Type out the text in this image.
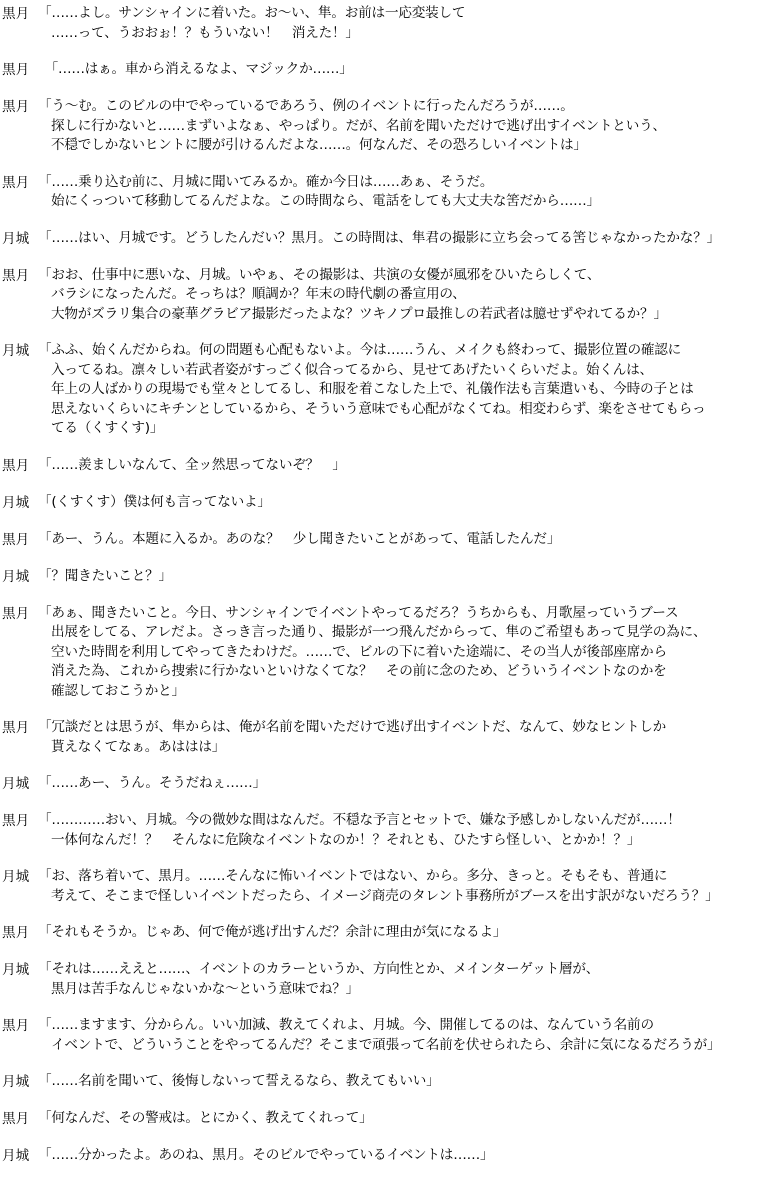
黒月 「……よし。サンシャインに着いた。お～い、隼。お前は一応変装して
……って、うおおぉ！？もういない！　消えた！」
黒月 　「……はぁ。車から消えるなよ、マジックか……」
黒月 「う～む。このビルの中でやっているであろう、例のイベントに行ったんだろうが……。
探しに行かないと……まずいよなぁ、やっぱり。だが、名前を聞いただけで逃げ出すイベントという、
不穏でしかないヒントに腰が引けるんだよな……。何なんだ、その恐ろしいイベントは」
黒月 「……乗り込む前に、月城に聞いてみるか。確か今日は……あぁ、そうだ。
始にくっついて移動してるんだよな。この時間なら、電話をしても大丈夫な筈だから……」
月城 「……はい、月城です。どうしたんだい？黒月。この時間は、隼君の撮影に立ち会ってる筈じゃなかったかな？」
黒月 「おお、仕事中に悪いな、月城。いやぁ、その撮影は、共演の女優が風邪をひいたらしくて、
バラシになったんだ。そっちは？順調か？年末の時代劇の番宣用の、
大物がズラリ集合の豪華グラビア撮影だったよな？ツキノプロ最推しの若武者は臆せずやれてるか？」
月城 「ふふ、始くんだからね。何の問題も心配もないよ。今は……うん、メイクも終わって、撮影位置の確認に
入ってるね。凛々しい若武者姿がすっごく似合ってるから、見せてあげたいくらいだよ。始くんは、
年上の人ばかりの現場でも堂々としてるし、和服を着こなした上で、礼儀作法も言葉遣いも、今時の子とは
思えないくらいにキチンとしているから、そういう意味でも心配がなくてね。相変わらず、楽をさせてもらっ
てる（くすくす)」
黒月 「……羨ましいなんて、全ッ然思ってないぞ？　」
月城 「(くすくす）僕は何も言ってないよ」
黒月 「あー、うん。本題に入るか。あのな？　少し聞きたいことがあって、電話したんだ」
月城 「？聞きたいこと？」
黒月 「あぁ、聞きたいこと。今日、サンシャインでイベントやってるだろ？うちからも、月歌屋っていうブース
出展をしてる、アレだよ。さっき言った通り、撮影が一つ飛んだからって、隼のご希望もあって見学の為に、
空いた時間を利用してやってきたわけだ。……で、ビルの下に着いた途端に、その当人が後部座席から
消えた為、これから捜索に行かないといけなくてな？　その前に念のため、どういうイベントなのかを
確認しておこうかと」
黒月 「冗談だとは思うが、隼からは、俺が名前を聞いただけで逃げ出すイベントだ、なんて、妙なヒントしか
貰えなくてなぁ。あははは」
月城 「……あー、うん。そうだねぇ……」
黒月 「…………おい、月城。今の微妙な間はなんだ。不穏な予言とセットで、嫌な予感しかしないんだが……！
一体何なんだ！？　そんなに危険なイベントなのか！？それとも、ひたすら怪しい、とかか！？」
月城 「お、落ち着いて、黒月。……そんなに怖いイベントではない、から。多分、きっと。そもそも、普通に
考えて、そこまで怪しいイベントだったら、イメージ商売のタレント事務所がブースを出す訳がないだろう？」
黒月 「それもそうか。じゃあ、何で俺が逃げ出すんだ？余計に理由が気になるよ」
月城 「それは……ええと……、イベントのカラーというか、方向性とか、メインターゲット層が、
黒月は苦手なんじゃないかな～という意味でね？」
黒月 「……ますます、分からん。いい加減、教えてくれよ、月城。今、開催してるのは、なんていう名前の
イベントで、どういうことをやってるんだ？そこまで頑張って名前を伏せられたら、余計に気になるだろうが」
月城 「……名前を聞いて、後悔しないって誓えるなら、教えてもいい」
黒月 「何なんだ、その警戒は。とにかく、教えてくれって」
月城 「……分かったよ。あのね、黒月。そのビルでやっているイベントは……」
